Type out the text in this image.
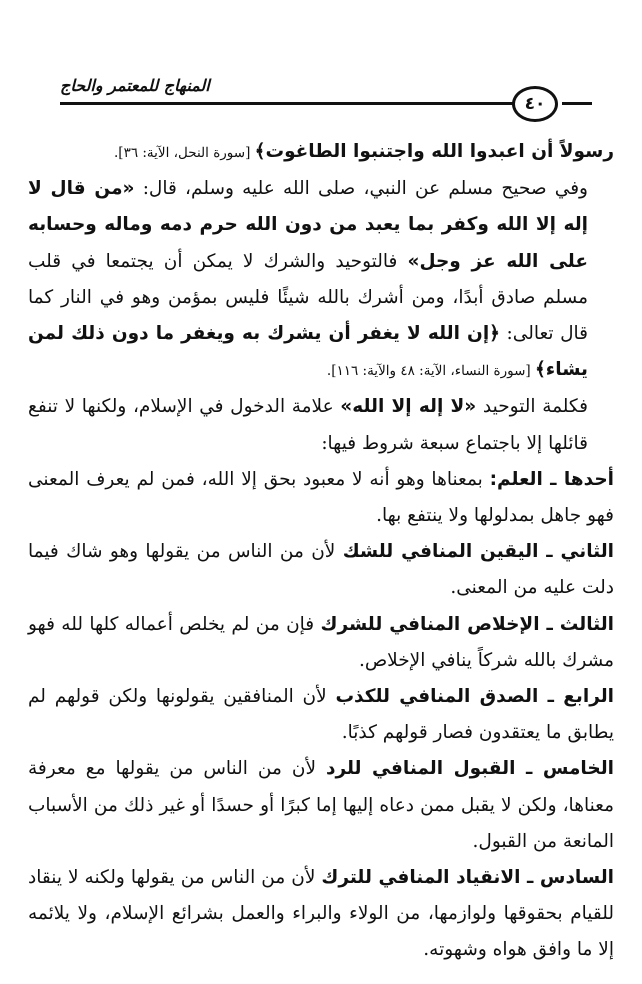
المنهاج للمعتمر والحاج
٤٠

رسولاً أن اعبدوا الله واجتنبوا الطاغوت﴾ [سورة النحل، الآية: ٣٦].

وفي صحيح مسلم عن النبي، صلى الله عليه وسلم، قال: «من قال لا إله إلا الله وكفر بما يعبد من دون الله حرم دمه وماله وحسابه على الله عز وجل» فالتوحيد والشرك لا يمكن أن يجتمعا في قلب مسلم صادق أبدًا، ومن أشرك بالله شيئًا فليس بمؤمن وهو في النار كما قال تعالى: ﴿إن الله لا يغفر أن يشرك به ويغفر ما دون ذلك لمن يشاء﴾ [سورة النساء، الآية: ٤٨ والآية: ١١٦].

فكلمة التوحيد «لا إله إلا الله» علامة الدخول في الإسلام، ولكنها لا تنفع قائلها إلا باجتماع سبعة شروط فيها:

أحدها ـ العلم: بمعناها وهو أنه لا معبود بحق إلا الله، فمن لم يعرف المعنى فهو جاهل بمدلولها ولا ينتفع بها.

الثاني ـ اليقين المنافي للشك لأن من الناس من يقولها وهو شاك فيما دلت عليه من المعنى.

الثالث ـ الإخلاص المنافي للشرك فإن من لم يخلص أعماله كلها لله فهو مشرك بالله شركاً ينافي الإخلاص.

الرابع ـ الصدق المنافي للكذب لأن المنافقين يقولونها ولكن قولهم لم يطابق ما يعتقدون فصار قولهم كذبًا.

الخامس ـ القبول المنافي للرد لأن من الناس من يقولها مع معرفة معناها، ولكن لا يقبل ممن دعاه إليها إما كبرًا أو حسدًا أو غير ذلك من الأسباب المانعة من القبول.

السادس ـ الانقياد المنافي للترك لأن من الناس من يقولها ولكنه لا ينقاد للقيام بحقوقها ولوازمها، من الولاء والبراء والعمل بشرائع الإسلام، ولا يلائمه إلا ما وافق هواه وشهوته.
